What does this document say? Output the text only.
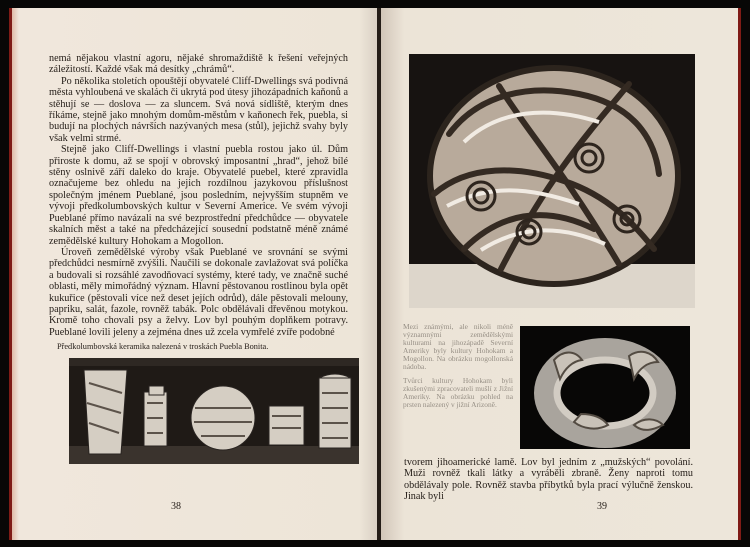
nemá nějakou vlastní agoru, nějaké shromaždiště k řešení veřejných záležitostí. Každé však má desítky „chrámů“.

Po několika stoletích opouštějí obyvatelé Cliff-Dwellings svá podivná města vyhloubená ve skalách či ukrytá pod útesy jihozápadních kaňonů a stěhují se — doslova — za sluncem. Svá nová sídliště, kterým dnes říkáme, stejně jako mnohým domům-městům v kaňonech řek, puebla, si budují na plochých návrších nazývaných mesa (stůl), jejichž svahy byly však velmi strmé.

Stejně jako Cliff-Dwellings i vlastní puebla rostou jako úl. Dům přiroste k domu, až se spojí v obrovský imposantní „hrad“, jehož bílé stěny oslnivě září daleko do kraje. Obyvatelé puebel, které zpravidla označujeme bez ohledu na jejich rozdílnou jazykovou příslušnost společným jménem Pueblané, jsou posledním, nejvyšším stupněm ve vývoji předkolumbovských kultur v Severní Americe. Ve svém vývoji Pueblané přímo navázali na své bezprostřední předchůdce — obyvatele skalních měst a také na předcházející sousední podstatně méně známé zemědělské kultury Hohokam a Mogollon.

Úroveň zemědělské výroby však Pueblané ve srovnání se svými předchůdci nesmírně zvýšili. Naučili se dokonale zavlažovat svá políčka a budovali si rozsáhlé zavodňovací systémy, které tady, ve značně suché oblasti, měly mimořádný význam. Hlavní pěstovanou rostlinou byla opět kukuřice (pěstovali více než deset jejích odrůd), dále pěstovali melouny, papriku, salát, fazole, rovněž tabák. Polc obdělávali dřevěnou motykou. Kromě toho chovali psy a želvy. Lov byl pouhým doplňkem potravy. Pueblané lovili jeleny a zejména dnes už zcela vymřelé zvíře podobné

Předkolumbovská keramika nalezená v troskách Puebla Bonita.
38

Mezi známými, ale nikoli méně významnými zemědělskými kulturami na jihozápadě Severní Ameriky byly kultury Hohokam a Mogollon. Na obrázku mogollonská nádoba.

Tvůrci kultury Hohokam byli zkušenými zpracovateli mušlí z Jižní Ameriky. Na obrázku pohled na prsten nalezený v jižní Arizoně.

tvorem jihoamerické lamě. Lov byl jedním z „mužských“ povolání. Muži rovněž tkali látky a vyráběli zbraně. Ženy naproti tomu obdělávaly pole. Rovněž stavba příbytků byla prací výlučně ženskou. Jinak byli
39
